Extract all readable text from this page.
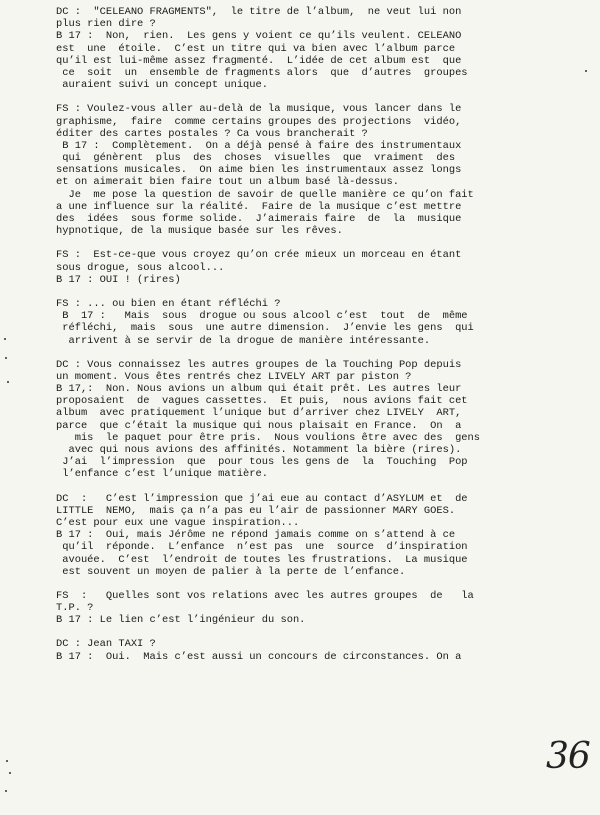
DC :  "CELEANO FRAGMENTS",  le titre de l’album,  ne veut lui non
plus rien dire ?
B 17 :  Non,  rien.  Les gens y voient ce qu’ils veulent. CELEANO
est  une  étoile.  C’est un titre qui va bien avec l’album parce
qu’il est lui-même assez fragmenté.  L’idée de cet album est  que
ce  soit  un  ensemble de fragments alors  que  d’autres  groupes
auraient suivi un concept unique.
FS : Voulez-vous aller au-delà de la musique, vous lancer dans le
graphisme,  faire  comme certains groupes des projections  vidéo,
éditer des cartes postales ? Ca vous brancherait ?
B 17 :  Complètement.  On a déjà pensé à faire des instrumentaux
qui  génèrent  plus  des  choses  visuelles  que  vraiment  des
sensations musicales.  On aime bien les instrumentaux assez longs
et on aimerait bien faire tout un album basé là-dessus.
Je  me pose la question de savoir de quelle manière ce qu’on fait
a une influence sur la réalité.  Faire de la musique c’est mettre
des  idées  sous forme solide.  J’aimerais faire  de  la  musique
hypnotique, de la musique basée sur les rêves.
FS :  Est-ce-que vous croyez qu’on crée mieux un morceau en étant
sous drogue, sous alcool...
B 17 : OUI ! (rires)
FS : ... ou bien en étant réfléchi ?
B  17 :   Mais  sous  drogue ou sous alcool c’est  tout  de  même
réfléchi,  mais  sous  une autre dimension.  J’envie les gens  qui
arrivent à se servir de la drogue de manière intéressante.
DC : Vous connaissez les autres groupes de la Touching Pop depuis
un moment. Vous êtes rentrés chez LIVELY ART par piston ?
B 17,:  Non. Nous avions un album qui était prêt. Les autres leur
proposaient  de  vagues cassettes.  Et puis,  nous avions fait cet
album  avec pratiquement l’unique but d’arriver chez LIVELY  ART,
parce  que c’était la musique qui nous plaisait en France.  On  a
mis  le paquet pour être pris.  Nous voulions être avec des  gens
avec qui nous avions des affinités. Notamment la bière (rires).
J’ai  l’impression  que  pour tous les gens de  la  Touching  Pop
l’enfance c’est l’unique matière.
DC  :   C’est l’impression que j’ai eue au contact d’ASYLUM et  de
LITTLE  NEMO,  mais ça n’a pas eu l’air de passionner MARY GOES.
C’est pour eux une vague inspiration...
B 17 :  Oui, mais Jérôme ne répond jamais comme on s’attend à ce
qu’il  réponde.  L’enfance  n’est pas  une  source  d’inspiration
avouée.  C’est  l’endroit de toutes les frustrations.  La musique
est souvent un moyen de palier à la perte de l’enfance.
FS  :   Quelles sont vos relations avec les autres groupes  de   la
T.P. ?
B 17 : Le lien c’est l’ingénieur du son.
DC : Jean TAXI ?
B 17 :  Oui.  Mais c’est aussi un concours de circonstances. On a
36
